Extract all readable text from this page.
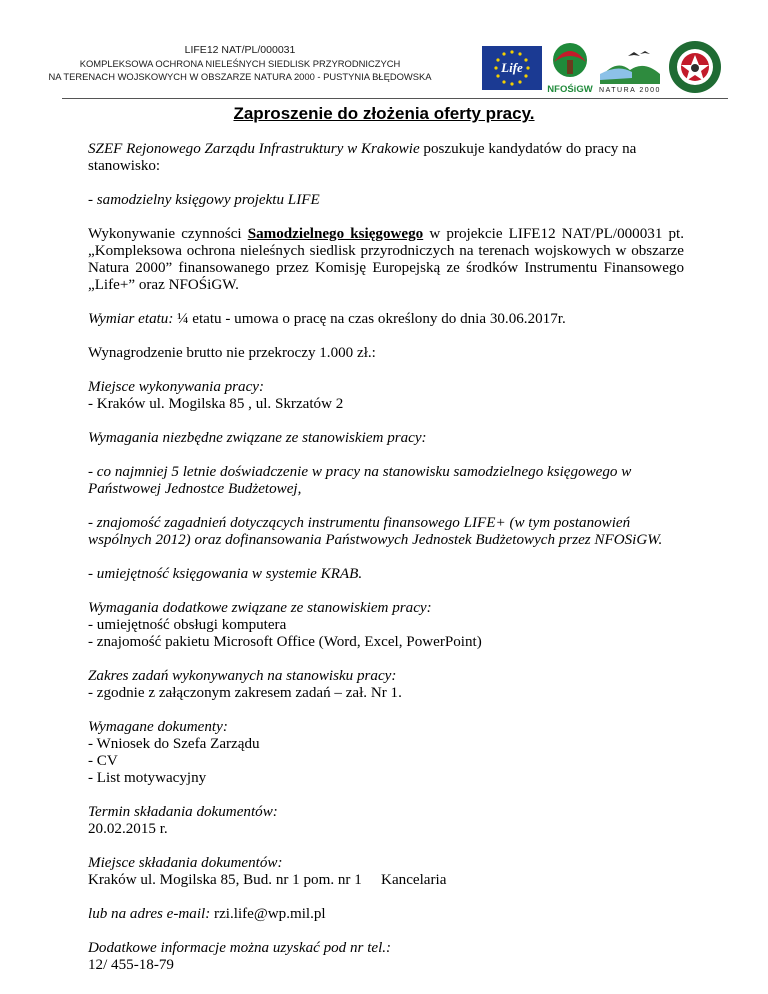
LIFE12 NAT/PL/000031
KOMPLEKSOWA OCHRONA NIELEŚNYCH SIEDLISK PRZYRODNICZYCH
NA TERENACH WOJSKOWYCH W OBSZARZE NATURA 2000 - PUSTYNIA BŁĘDOWSKA
Life
NFOŚiGW NATURA 2000
Zaproszenie do złożenia oferty pracy.

SZEF Rejonowego Zarządu Infrastruktury w Krakowie poszukuje kandydatów do pracy na stanowisko:

- samodzielny księgowy projektu LIFE

Wykonywanie czynności Samodzielnego księgowego w projekcie LIFE12 NAT/PL/000031 pt.„Kompleksowa ochrona nieleśnych siedlisk przyrodniczych na terenach wojskowych w obszarze Natura 2000” finansowanego przez Komisję Europejską ze środków Instrumentu Finansowego „Life+” oraz NFOŚiGW.

Wymiar etatu: ¼ etatu - umowa o pracę na czas określony do dnia 30.06.2017r.

Wynagrodzenie brutto nie przekroczy 1.000 zł.:

Miejsce wykonywania pracy:
- Kraków ul. Mogilska 85 , ul. Skrzatów 2

Wymagania niezbędne związane ze stanowiskiem pracy:

- co najmniej 5 letnie doświadczenie w pracy na stanowisku samodzielnego księgowego w Państwowej Jednostce Budżetowej,

- znajomość zagadnień dotyczących instrumentu finansowego LIFE+ (w tym postanowień wspólnych 2012) oraz dofinansowania Państwowych Jednostek Budżetowych przez NFOSiGW.

- umiejętność księgowania w systemie KRAB.

Wymagania dodatkowe związane ze stanowiskiem pracy:
- umiejętność obsługi komputera
- znajomość pakietu Microsoft Office (Word, Excel, PowerPoint)

Zakres zadań wykonywanych na stanowisku pracy:
- zgodnie z załączonym zakresem zadań – zał. Nr 1.

Wymagane dokumenty:
- Wniosek do Szefa Zarządu
- CV
- List motywacyjny

Termin składania dokumentów:
20.02.2015 r.

Miejsce składania dokumentów:
Kraków ul. Mogilska 85, Bud. nr 1 pom. nr 1 Kancelaria

lub na adres e-mail: rzi.life@wp.mil.pl

Dodatkowe informacje można uzyskać pod nr tel.:
12/ 455-18-79
